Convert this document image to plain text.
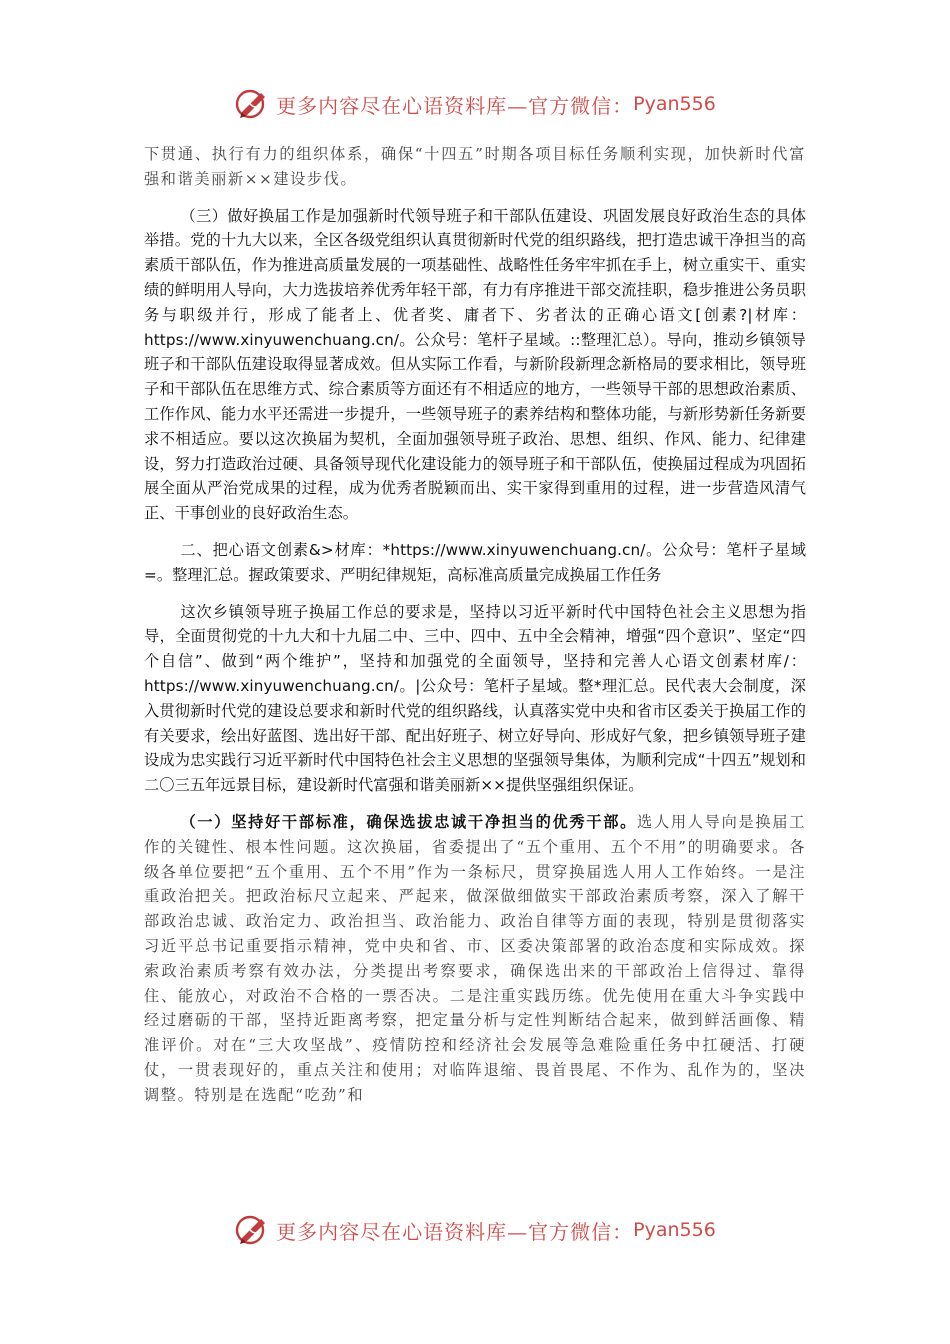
更多内容尽在心语资料库—官方微信： Pyan556

下贯通、执行有力的组织体系，确保“十四五”时期各项目标任务顺利实现，加快新时代富强和谐美丽新××建设步伐。

（三）做好换届工作是加强新时代领导班子和干部队伍建设、巩固发展良好政治生态的具体举措。党的十九大以来，全区各级党组织认真贯彻新时代党的组织路线，把打造忠诚干净担当的高素质干部队伍，作为推进高质量发展的一项基础性、战略性任务牢牢抓在手上，树立重实干、重实绩的鲜明用人导向，大力选拔培养优秀年轻干部，有力有序推进干部交流挂职，稳步推进公务员职务与职级并行，形成了能者上、优者奖、庸者下、劣者汰的正确心语文[创素?|材库：https://www.xinyuwenchuang.cn/。公众号：笔杆子星域。::整理汇总）。导向，推动乡镇领导班子和干部队伍建设取得显著成效。但从实际工作看，与新阶段新理念新格局的要求相比，领导班子和干部队伍在思维方式、综合素质等方面还有不相适应的地方，一些领导干部的思想政治素质、工作作风、能力水平还需进一步提升，一些领导班子的素养结构和整体功能，与新形势新任务新要求不相适应。要以这次换届为契机，全面加强领导班子政治、思想、组织、作风、能力、纪律建设，努力打造政治过硬、具备领导现代化建设能力的领导班子和干部队伍，使换届过程成为巩固拓展全面从严治党成果的过程，成为优秀者脱颖而出、实干家得到重用的过程，进一步营造风清气正、干事创业的良好政治生态。

二、把心语文创素&>材库：*https://www.xinyuwenchuang.cn/。公众号：笔杆子星域=。整理汇总。握政策要求、严明纪律规矩，高标准高质量完成换届工作任务

这次乡镇领导班子换届工作总的要求是，坚持以习近平新时代中国特色社会主义思想为指导，全面贯彻党的十九大和十九届二中、三中、四中、五中全会精神，增强“四个意识”、坚定“四个自信”、做到“两个维护”，坚持和加强党的全面领导，坚持和完善人心语文创素材库/：https://www.xinyuwenchuang.cn/。|公众号：笔杆子星域。整*理汇总。民代表大会制度，深入贯彻新时代党的建设总要求和新时代党的组织路线，认真落实党中央和省市区委关于换届工作的有关要求，绘出好蓝图、选出好干部、配出好班子、树立好导向、形成好气象，把乡镇领导班子建设成为忠实践行习近平新时代中国特色社会主义思想的坚强领导集体，为顺利完成“十四五”规划和二〇三五年远景目标，建设新时代富强和谐美丽新××提供坚强组织保证。

（一）坚持好干部标准，确保选拔忠诚干净担当的优秀干部。选人用人导向是换届工作的关键性、根本性问题。这次换届，省委提出了“五个重用、五个不用”的明确要求。各级各单位要把“五个重用、五个不用”作为一条标尺，贯穿换届选人用人工作始终。一是注重政治把关。把政治标尺立起来、严起来，做深做细做实干部政治素质考察，深入了解干部政治忠诚、政治定力、政治担当、政治能力、政治自律等方面的表现，特别是贯彻落实习近平总书记重要指示精神，党中央和省、市、区委决策部署的政治态度和实际成效。探索政治素质考察有效办法，分类提出考察要求，确保选出来的干部政治上信得过、靠得住、能放心，对政治不合格的一票否决。二是注重实践历练。优先使用在重大斗争实践中经过磨砺的干部，坚持近距离考察，把定量分析与定性判断结合起来，做到鲜活画像、精准评价。对在“三大攻坚战”、疫情防控和经济社会发展等急难险重任务中扛硬活、打硬仗，一贯表现好的，重点关注和使用；对临阵退缩、畏首畏尾、不作为、乱作为的，坚决调整。特别是在选配“吃劲”和

更多内容尽在心语资料库—官方微信： Pyan556
